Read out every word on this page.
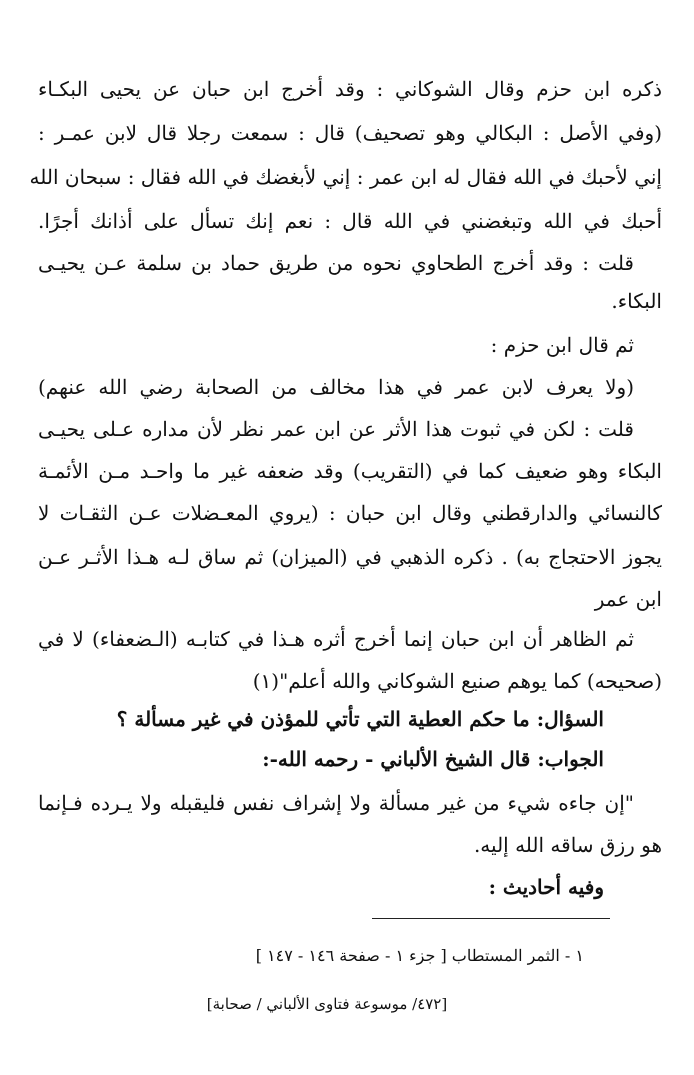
ذكره ابن حزم وقال الشوكاني : وقد أخرج ابن حبان عن يحيى البكـاء
(وفي الأصل : البكالي وهو تصحيف) قال : سمعت رجلا قال لابن عمـر :
إني لأحبك في الله فقال له ابن عمر : إني لأبغضك في الله فقال : سبحان الله
أحبك في الله وتبغضني في الله قال : نعم إنك تسأل على أذانك أجرًا.
قلت : وقد أخرج الطحاوي نحوه من طريق حماد بن سلمة عـن يحيـى
البكاء.
ثم قال ابن حزم :
(ولا يعرف لابن عمر في هذا مخالف من الصحابة رضي الله عنهم)
قلت : لكن في ثبوت هذا الأثر عن ابن عمر نظر لأن مداره عـلى يحيـى
البكاء وهو ضعيف كما في (التقريب) وقد ضعفه غير ما واحـد مـن الأئمـة
كالنسائي والدارقطني وقال ابن حبان : (يروي المعـضلات عـن الثقـات لا
يجوز الاحتجاج به) . ذكره الذهبي في (الميزان) ثم ساق لـه هـذا الأثـر عـن
ابن عمر
ثم الظاهر أن ابن حبان إنما أخرج أثره هـذا في كتابـه (الـضعفاء) لا في
(صحيحه) كما يوهم صنيع الشوكاني والله أعلم"(١)
السؤال: ما حكم العطية التي تأتي للمؤذن في غير مسألة ؟
الجواب: قال الشيخ الألباني - رحمه الله-:
"إن جاءه شيء من غير مسألة ولا إشراف نفس فليقبله ولا يـرده فـإنما
هو رزق ساقه الله إليه.
وفيه أحاديث :
١ - الثمر المستطاب [ جزء ١ - صفحة ١٤٦ - ١٤٧ ]
[٤٧٢/ موسوعة فتاوى الألباني / صحابة]
